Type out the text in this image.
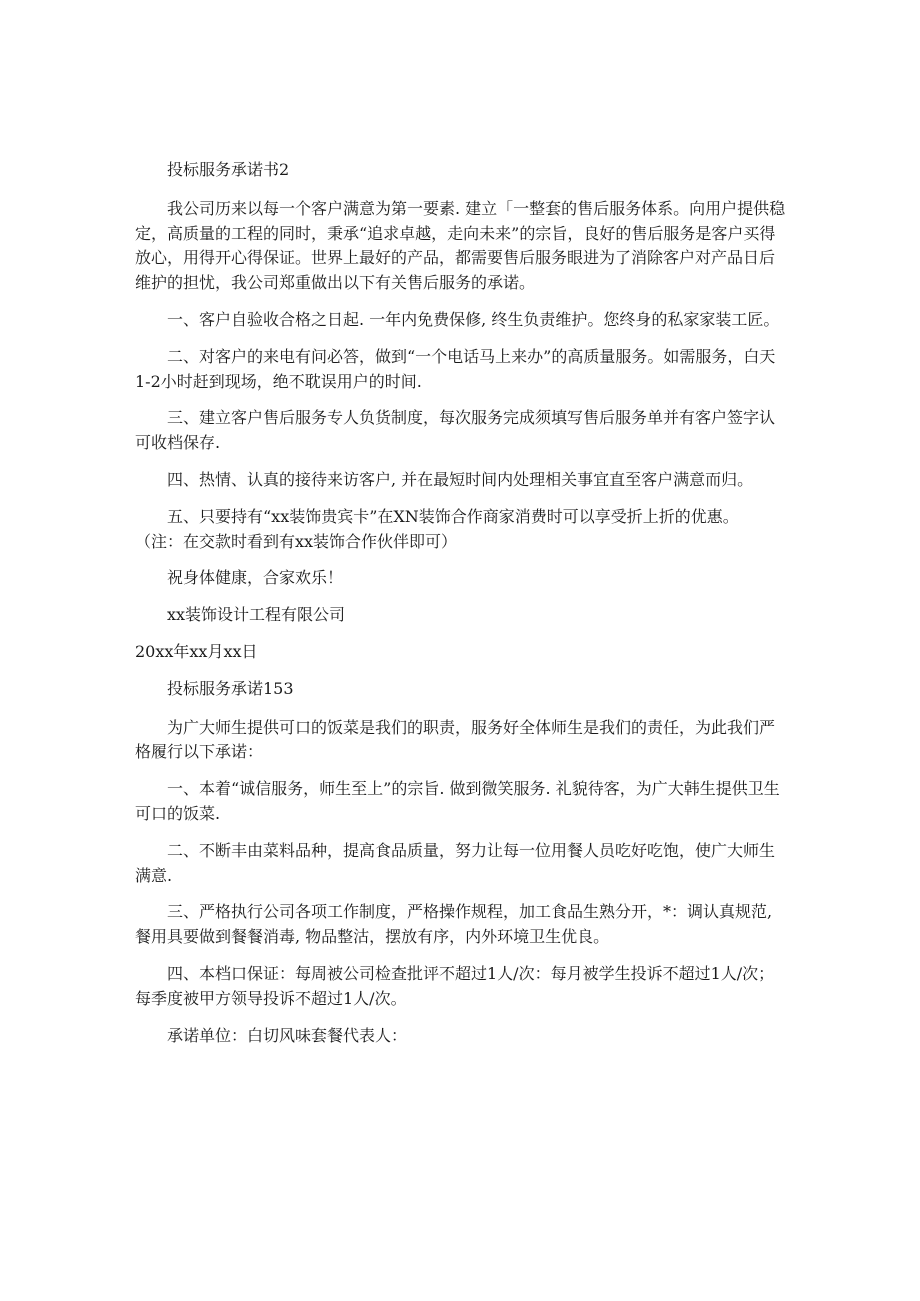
投标服务承诺书2

我公司历来以每一个客户满意为第一要素. 建立「一整套的售后服务体系。向用户提供稳定，高质量的工程的同时，秉承“追求卓越，走向未来”的宗旨，良好的售后服务是客户买得放心，用得开心得保证。世界上最好的产品，都需要售后服务眼进为了消除客户对产品日后维护的担忧，我公司郑重做出以下有关售后服务的承诺。

一、客户自验收合格之日起. 一年内免费保修, 终生负责维护。您终身的私家家装工匠。

二、对客户的来电有问必答，做到“一个电话马上来办”的高质量服务。如需服务，白天1-2小时赶到现场，绝不耽误用户的时间.

三、建立客户售后服务专人负货制度，每次服务完成须填写售后服务单并有客户签字认可收档保存.

四、热情、认真的接待来访客户, 并在最短时间内处理相关事宜直至客户满意而归。

五、只要持有“xx装饰贵宾卡”在XN装饰合作商家消费时可以享受折上折的优惠。

（注：在交款时看到有xx装饰合作伙伴即可）

祝身体健康，合家欢乐！

xx装饰设计工程有限公司

20xx年xx月xx日

投标服务承诺153

为广大师生提供可口的饭菜是我们的职责，服务好全体师生是我们的责任，为此我们严格履行以下承诺：

一、本着“诚信服务，师生至上”的宗旨. 做到微笑服务. 礼貌待客，为广大韩生提供卫生可口的饭菜.

二、不断丰由菜料品种，提高食品质量，努力让每一位用餐人员吃好吃饱，使广大师生满意.

三、严格执行公司各项工作制度，严格操作规程，加工食品生熟分开，*：调认真规范, 餐用具要做到餐餐消毒, 物品整沽，摆放有序，内外环境卫生优良。

四、本档口保证：每周被公司检查批评不超过1人/次：每月被学生投诉不超过1人/次；每季度被甲方领导投诉不超过1人/次。

承诺单位：白切风味套餐代表人：
